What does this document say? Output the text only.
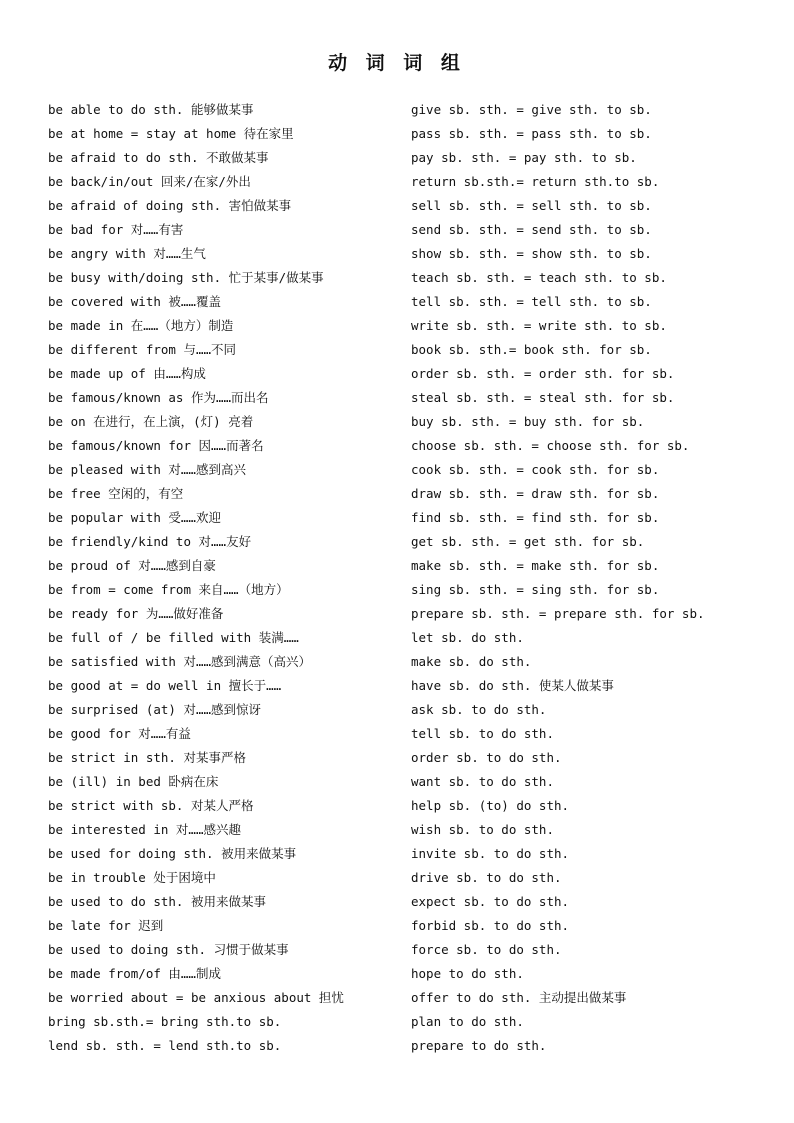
动 词 词 组
be able to do sth. 能够做某事
be at home = stay at home 待在家里
be afraid to do sth. 不敢做某事
be back/in/out 回来/在家/外出
be afraid of doing sth. 害怕做某事
be bad for 对……有害
be angry with 对……生气
be busy with/doing sth. 忙于某事/做某事
be covered with 被……覆盖
be made in 在……（地方）制造
be different from 与……不同
be made up of 由……构成
be famous/known as 作为……而出名
be on 在进行，在上演，(灯) 亮着
be famous/known for 因……而著名
be pleased with 对……感到高兴
be free 空闲的，有空
be popular with 受……欢迎
be friendly/kind to 对……友好
be proud of 对……感到自豪
be from = come from 来自……（地方）
be ready for 为……做好准备
be full of / be filled with 装满……
be satisfied with 对……感到满意（高兴）
be good at = do well in 擅长于……
be surprised (at) 对……感到惊讶
be good for 对……有益
be strict in sth. 对某事严格
be (ill) in bed 卧病在床
be strict with sb. 对某人严格
be interested in 对……感兴趣
be used for doing sth. 被用来做某事
be in trouble 处于困境中
be used to do sth. 被用来做某事
be late for 迟到
be used to doing sth. 习惯于做某事
be made from/of 由……制成
be worried about = be anxious about 担忧
bring sb.sth.= bring sth.to sb.
lend sb. sth. = lend sth.to sb.
give sb. sth. = give sth. to sb.
pass sb. sth. = pass sth. to sb.
pay sb. sth. = pay sth. to sb.
return sb.sth.= return sth.to sb.
sell sb. sth. = sell sth. to sb.
send sb. sth. = send sth. to sb.
show sb. sth. = show sth. to sb.
teach sb. sth. = teach sth. to sb.
tell sb. sth. = tell sth. to sb.
write sb. sth. = write sth. to sb.
book sb. sth.= book sth. for sb.
order sb. sth. = order sth. for sb.
steal sb. sth. = steal sth. for sb.
buy sb. sth. = buy sth. for sb.
choose sb. sth. = choose sth. for sb.
cook sb. sth. = cook sth. for sb.
draw sb. sth. = draw sth. for sb.
find sb. sth. = find sth. for sb.
get sb. sth. = get sth. for sb.
make sb. sth. = make sth. for sb.
sing sb. sth. = sing sth. for sb.
prepare sb. sth. = prepare sth. for sb.
let sb. do sth.
make sb. do sth.
have sb. do sth. 使某人做某事
ask sb. to do sth.
tell sb. to do sth.
order sb. to do sth.
want sb. to do sth.
help sb. (to) do sth.
wish sb. to do sth.
invite sb. to do sth.
drive sb. to do sth.
expect sb. to do sth.
forbid sb. to do sth.
force sb. to do sth.
hope to do sth.
offer to do sth. 主动提出做某事
plan to do sth.
prepare to do sth.
